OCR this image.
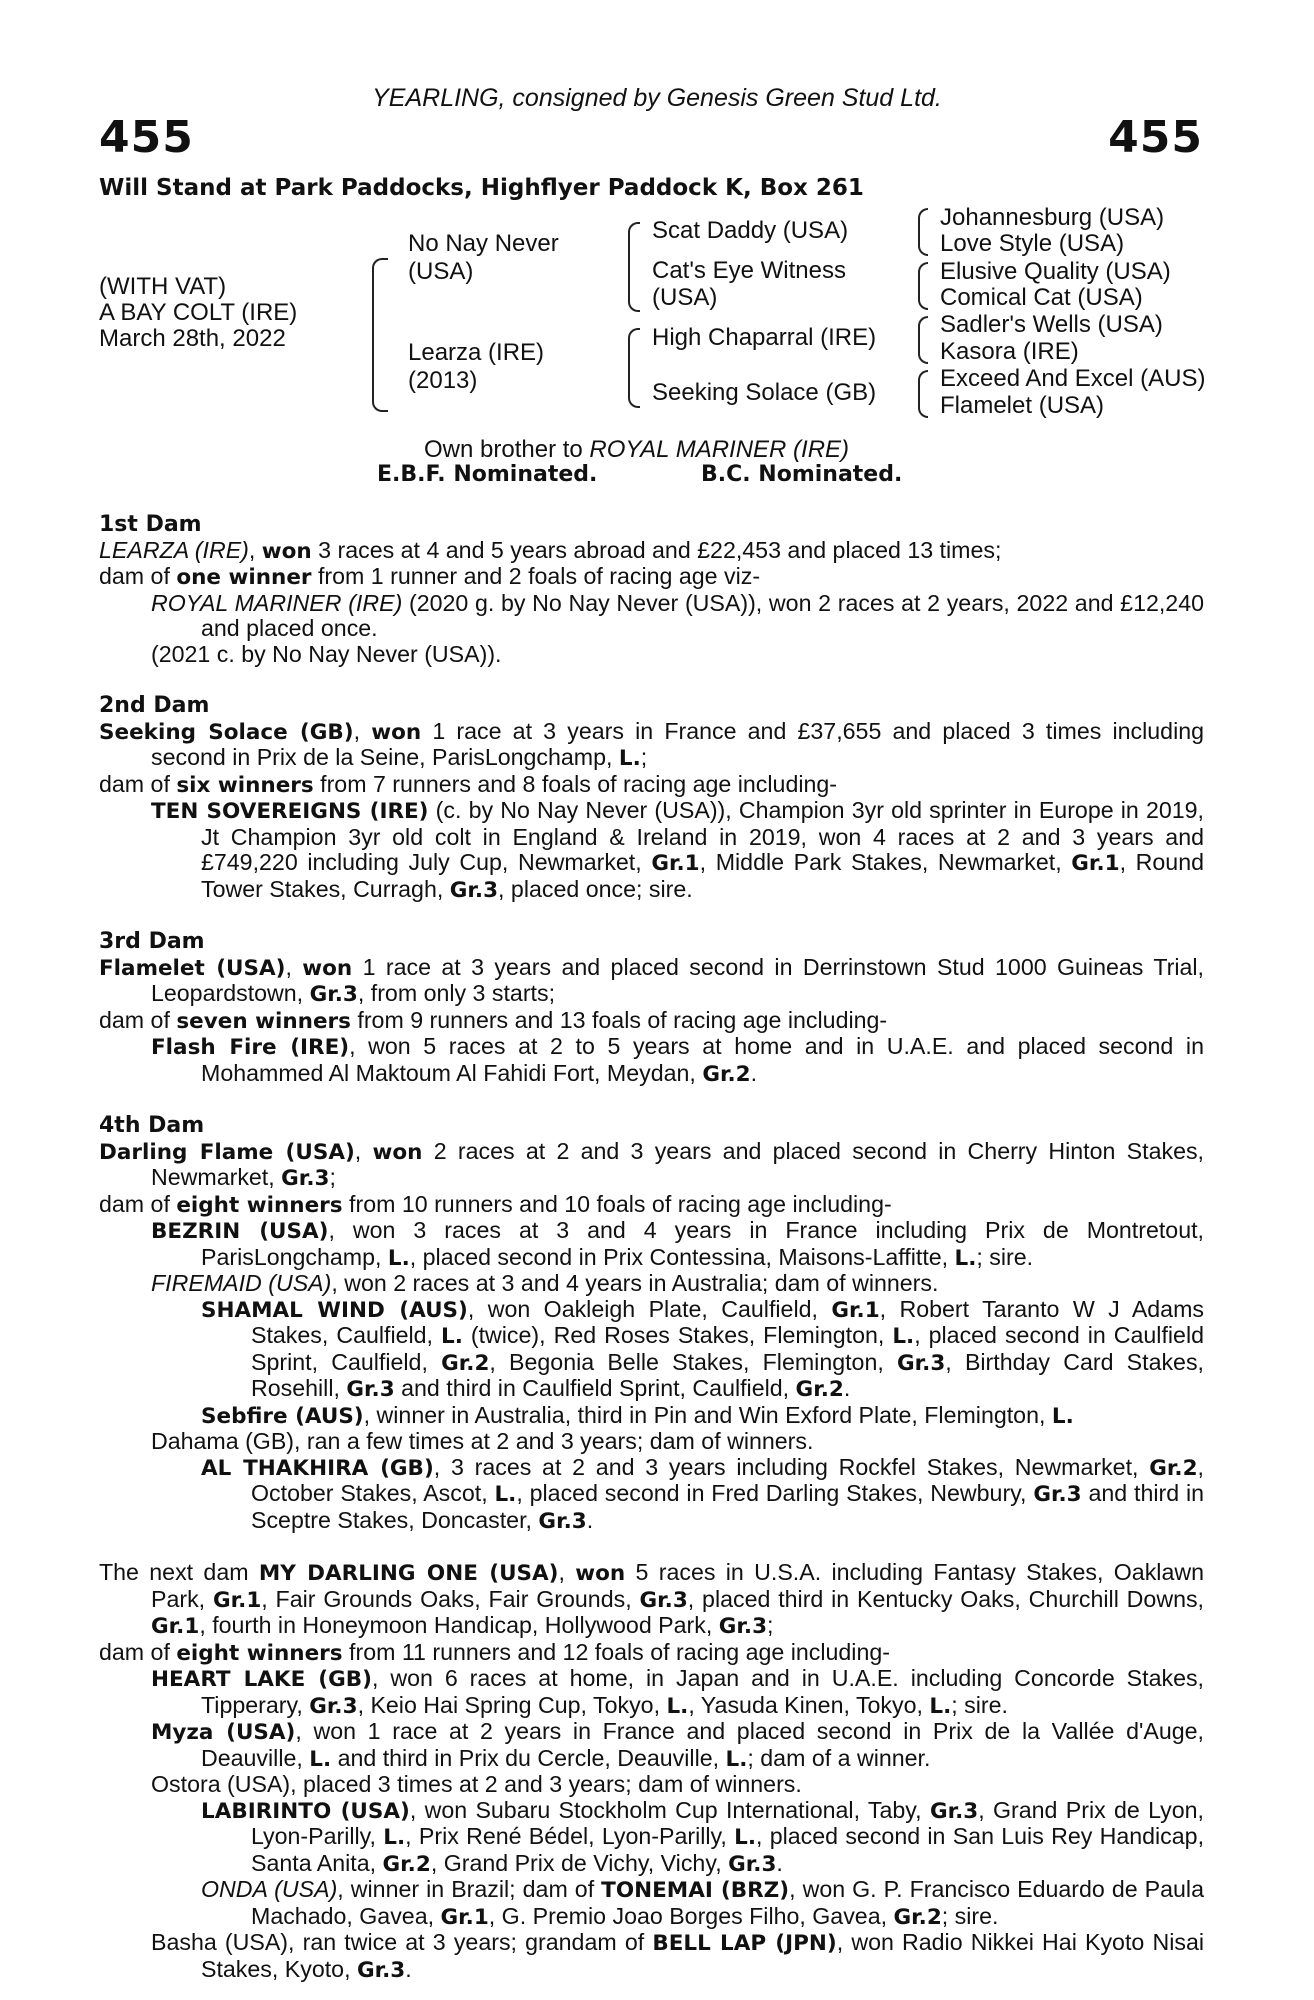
YEARLING, consigned by Genesis Green Stud Ltd.
455	455
Will Stand at Park Paddocks, Highflyer Paddock K, Box 261
(WITH VAT)
A BAY COLT (IRE)
March 28th, 2022
No Nay Never
(USA)
Learza (IRE)
(2013)
Scat Daddy (USA)
Cat's Eye Witness
(USA)
High Chaparral (IRE)
Seeking Solace (GB)
Johannesburg (USA)
Love Style (USA)
Elusive Quality (USA)
Comical Cat (USA)
Sadler's Wells (USA)
Kasora (IRE)
Exceed And Excel (AUS)
Flamelet (USA)
Own brother to ROYAL MARINER (IRE)
E.B.F. Nominated.	B.C. Nominated.

1st Dam

LEARZA (IRE), won 3 races at 4 and 5 years abroad and £22,453 and placed 13 times;

dam of one winner from 1 runner and 2 foals of racing age viz-

ROYAL MARINER (IRE) (2020 g. by No Nay Never (USA)), won 2 races at 2 years, 2022 and £12,240 and placed once.

(2021 c. by No Nay Never (USA)).

2nd Dam

Seeking Solace (GB), won 1 race at 3 years in France and £37,655 and placed 3 times including second in Prix de la Seine, ParisLongchamp, L.;

dam of six winners from 7 runners and 8 foals of racing age including-

TEN SOVEREIGNS (IRE) (c. by No Nay Never (USA)), Champion 3yr old sprinter in Europe in 2019, Jt Champion 3yr old colt in England & Ireland in 2019, won 4 races at 2 and 3 years and £749,220 including July Cup, Newmarket, Gr.1, Middle Park Stakes, Newmarket, Gr.1, Round Tower Stakes, Curragh, Gr.3, placed once; sire.

3rd Dam

Flamelet (USA), won 1 race at 3 years and placed second in Derrinstown Stud 1000 Guineas Trial, Leopardstown, Gr.3, from only 3 starts;

dam of seven winners from 9 runners and 13 foals of racing age including-

Flash Fire (IRE), won 5 races at 2 to 5 years at home and in U.A.E. and placed second in Mohammed Al Maktoum Al Fahidi Fort, Meydan, Gr.2.

4th Dam

Darling Flame (USA), won 2 races at 2 and 3 years and placed second in Cherry Hinton Stakes, Newmarket, Gr.3;

dam of eight winners from 10 runners and 10 foals of racing age including-

BEZRIN (USA), won 3 races at 3 and 4 years in France including Prix de Montretout, ParisLongchamp, L., placed second in Prix Contessina, Maisons-Laffitte, L.; sire.

FIREMAID (USA), won 2 races at 3 and 4 years in Australia; dam of winners.

SHAMAL WIND (AUS), won Oakleigh Plate, Caulfield, Gr.1, Robert Taranto W J Adams Stakes, Caulfield, L. (twice), Red Roses Stakes, Flemington, L., placed second in Caulfield Sprint, Caulfield, Gr.2, Begonia Belle Stakes, Flemington, Gr.3, Birthday Card Stakes, Rosehill, Gr.3 and third in Caulfield Sprint, Caulfield, Gr.2.

Sebfire (AUS), winner in Australia, third in Pin and Win Exford Plate, Flemington, L.

Dahama (GB), ran a few times at 2 and 3 years; dam of winners.

AL THAKHIRA (GB), 3 races at 2 and 3 years including Rockfel Stakes, Newmarket, Gr.2, October Stakes, Ascot, L., placed second in Fred Darling Stakes, Newbury, Gr.3 and third in Sceptre Stakes, Doncaster, Gr.3.

The next dam MY DARLING ONE (USA), won 5 races in U.S.A. including Fantasy Stakes, Oaklawn Park, Gr.1, Fair Grounds Oaks, Fair Grounds, Gr.3, placed third in Kentucky Oaks, Churchill Downs, Gr.1, fourth in Honeymoon Handicap, Hollywood Park, Gr.3;

dam of eight winners from 11 runners and 12 foals of racing age including-

HEART LAKE (GB), won 6 races at home, in Japan and in U.A.E. including Concorde Stakes, Tipperary, Gr.3, Keio Hai Spring Cup, Tokyo, L., Yasuda Kinen, Tokyo, L.; sire.

Myza (USA), won 1 race at 2 years in France and placed second in Prix de la Vallée d'Auge, Deauville, L. and third in Prix du Cercle, Deauville, L.; dam of a winner.

Ostora (USA), placed 3 times at 2 and 3 years; dam of winners.

LABIRINTO (USA), won Subaru Stockholm Cup International, Taby, Gr.3, Grand Prix de Lyon, Lyon-Parilly, L., Prix René Bédel, Lyon-Parilly, L., placed second in San Luis Rey Handicap, Santa Anita, Gr.2, Grand Prix de Vichy, Vichy, Gr.3.

ONDA (USA), winner in Brazil; dam of TONEMAI (BRZ), won G. P. Francisco Eduardo de Paula Machado, Gavea, Gr.1, G. Premio Joao Borges Filho, Gavea, Gr.2; sire.

Basha (USA), ran twice at 3 years; grandam of BELL LAP (JPN), won Radio Nikkei Hai Kyoto Nisai Stakes, Kyoto, Gr.3.
